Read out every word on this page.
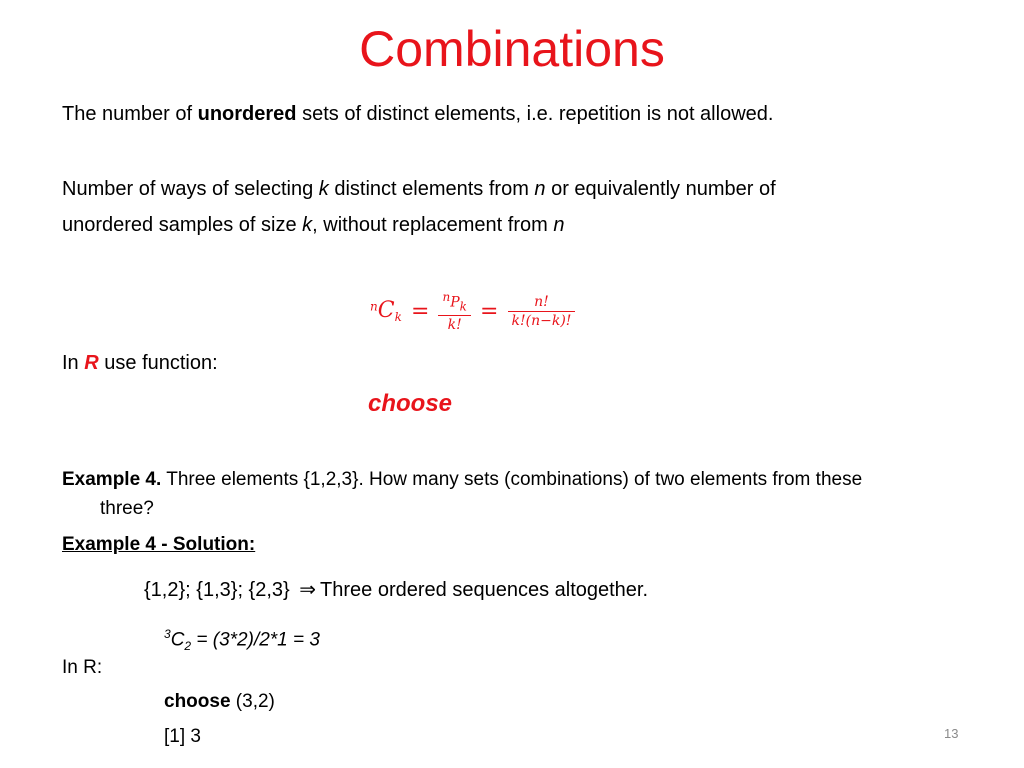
Combinations
The number of unordered sets of distinct elements, i.e. repetition is not allowed.
Number of ways of selecting k distinct elements from n or equivalently number of
unordered samples of size k, without replacement from n
$^nC_k = \frac{^nP_k}{k!} = \frac{n!}{k!(n-k)!}$
In R use function:
choose
Example 4. Three elements {1,2,3}. How many sets (combinations) of two elements from these
three?
Example 4 - Solution:
{1,2}; {1,3}; {2,3} ⇒ Three ordered sequences altogether.
$^3C_2 = (3*2)/2*1 = 3$
In R:
choose (3,2)
[1] 3	13
